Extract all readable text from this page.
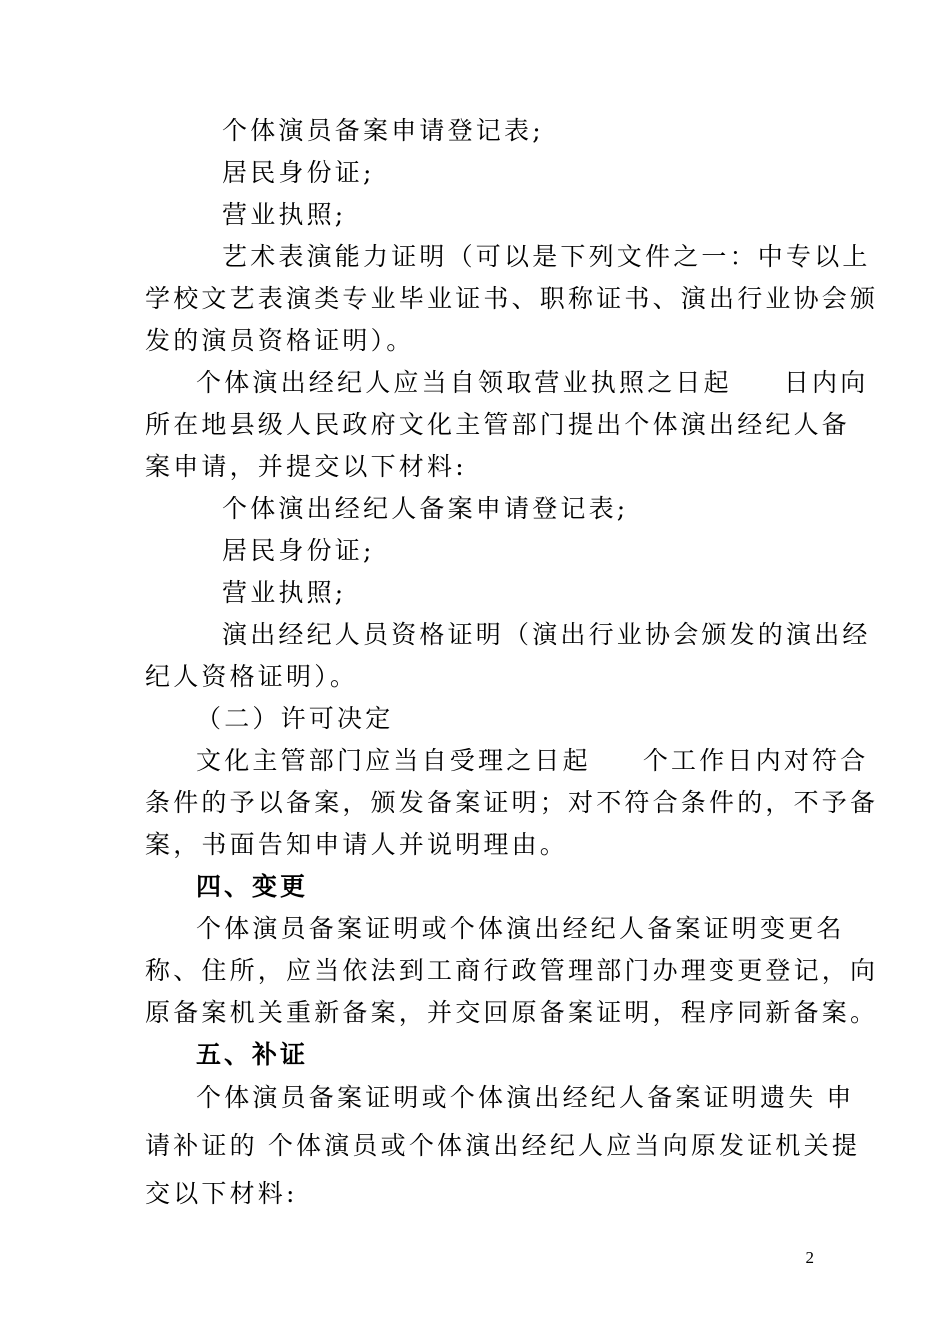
个体演员备案申请登记表;
居民身份证;
营业执照;
艺术表演能力证明（可以是下列文件之一：中专以上
学校文艺表演类专业毕业证书、职称证书、演出行业协会颁
发的演员资格证明）。
个体演出经纪人应当自领取营业执照之日起 日内向
所在地县级人民政府文化主管部门提出个体演出经纪人备
案申请，并提交以下材料:
个体演出经纪人备案申请登记表;
居民身份证;
营业执照;
演出经纪人员资格证明（演出行业协会颁发的演出经
纪人资格证明）。
（二）许可决定
文化主管部门应当自受理之日起 个工作日内对符合
条件的予以备案，颁发备案证明；对不符合条件的，不予备
案，书面告知申请人并说明理由。
四、变更
个体演员备案证明或个体演出经纪人备案证明变更名
称、住所，应当依法到工商行政管理部门办理变更登记，向
原备案机关重新备案，并交回原备案证明，程序同新备案。
五、补证
个体演员备案证明或个体演出经纪人备案证明遗失 申
请补证的 个体演员或个体演出经纪人应当向原发证机关提
交以下材料:
2
